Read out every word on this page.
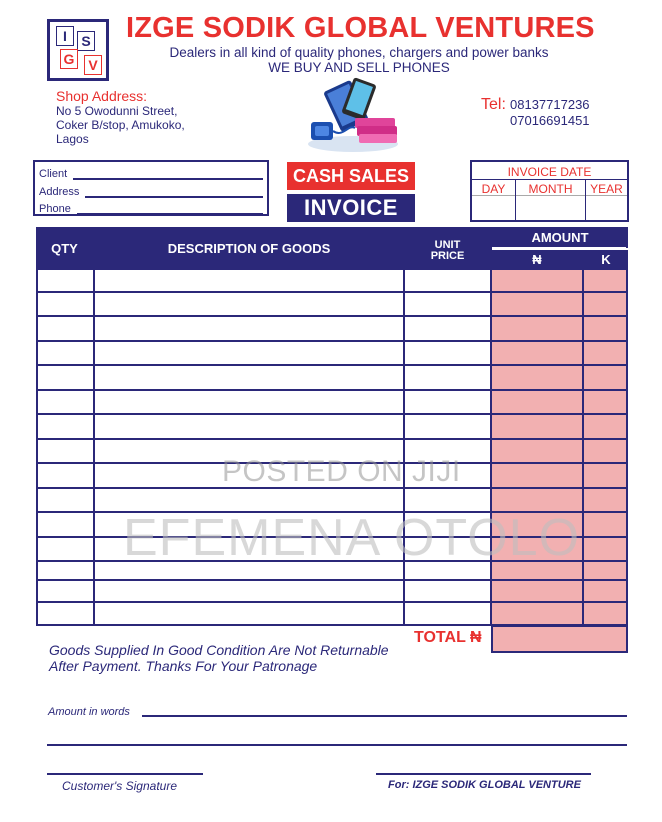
I	S
G V
IZGE SODIK GLOBAL VENTURES
Dealers in all kind of quality phones, chargers and power banks
WE BUY AND SELL PHONES
Shop Address:
No 5 Owodunni Street,
Coker B/stop, Amukoko,
Lagos
Tel: 08137717236
07016691451
Client
Address
Phone
CASH SALES
INVOICE
INVOICE DATE
DAY	MONTH	YEAR
QTY	DESCRIPTION OF GOODS	UNIT
PRICE
AMOUNT
₦	K
POSTED ON JIJI
EFEMENA OTOLO
TOTAL ₦
Goods Supplied In Good Condition Are Not Returnable
After Payment. Thanks For Your Patronage
Amount in words
Customer's Signature	For: IZGE SODIK GLOBAL VENTURE
